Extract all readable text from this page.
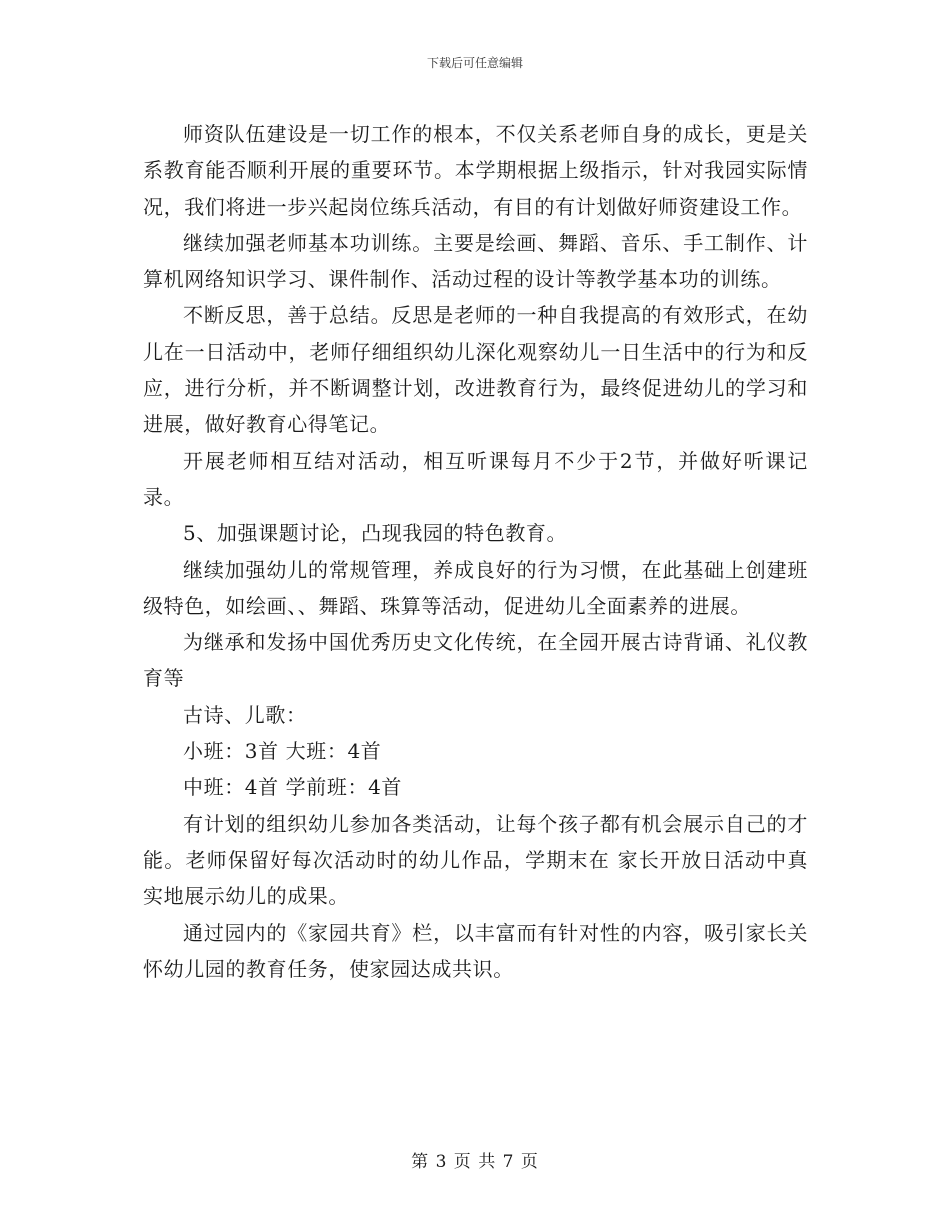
下载后可任意编辑

师资队伍建设是一切工作的根本，不仅关系老师自身的成长，更是关系教育能否顺利开展的重要环节。本学期根据上级指示，针对我园实际情况，我们将进一步兴起岗位练兵活动，有目的有计划做好师资建设工作。

继续加强老师基本功训练。主要是绘画、舞蹈、音乐、手工制作、计算机网络知识学习、课件制作、活动过程的设计等教学基本功的训练。

不断反思，善于总结。反思是老师的一种自我提高的有效形式，在幼儿在一日活动中，老师仔细组织幼儿深化观察幼儿一日生活中的行为和反应，进行分析，并不断调整计划，改进教育行为，最终促进幼儿的学习和进展，做好教育心得笔记。

开展老师相互结对活动，相互听课每月不少于2节，并做好听课记录。

5、加强课题讨论，凸现我园的特色教育。

继续加强幼儿的常规管理，养成良好的行为习惯，在此基础上创建班级特色，如绘画、、舞蹈、珠算等活动，促进幼儿全面素养的进展。

为继承和发扬中国优秀历史文化传统，在全园开展古诗背诵、礼仪教育等

古诗、儿歌：

小班：3首 大班：4首

中班：4首 学前班：4首

有计划的组织幼儿参加各类活动，让每个孩子都有机会展示自己的才能。老师保留好每次活动时的幼儿作品，学期末在 家长开放日活动中真实地展示幼儿的成果。

通过园内的《家园共育》栏，以丰富而有针对性的内容，吸引家长关怀幼儿园的教育任务，使家园达成共识。

第 3 页 共 7 页
